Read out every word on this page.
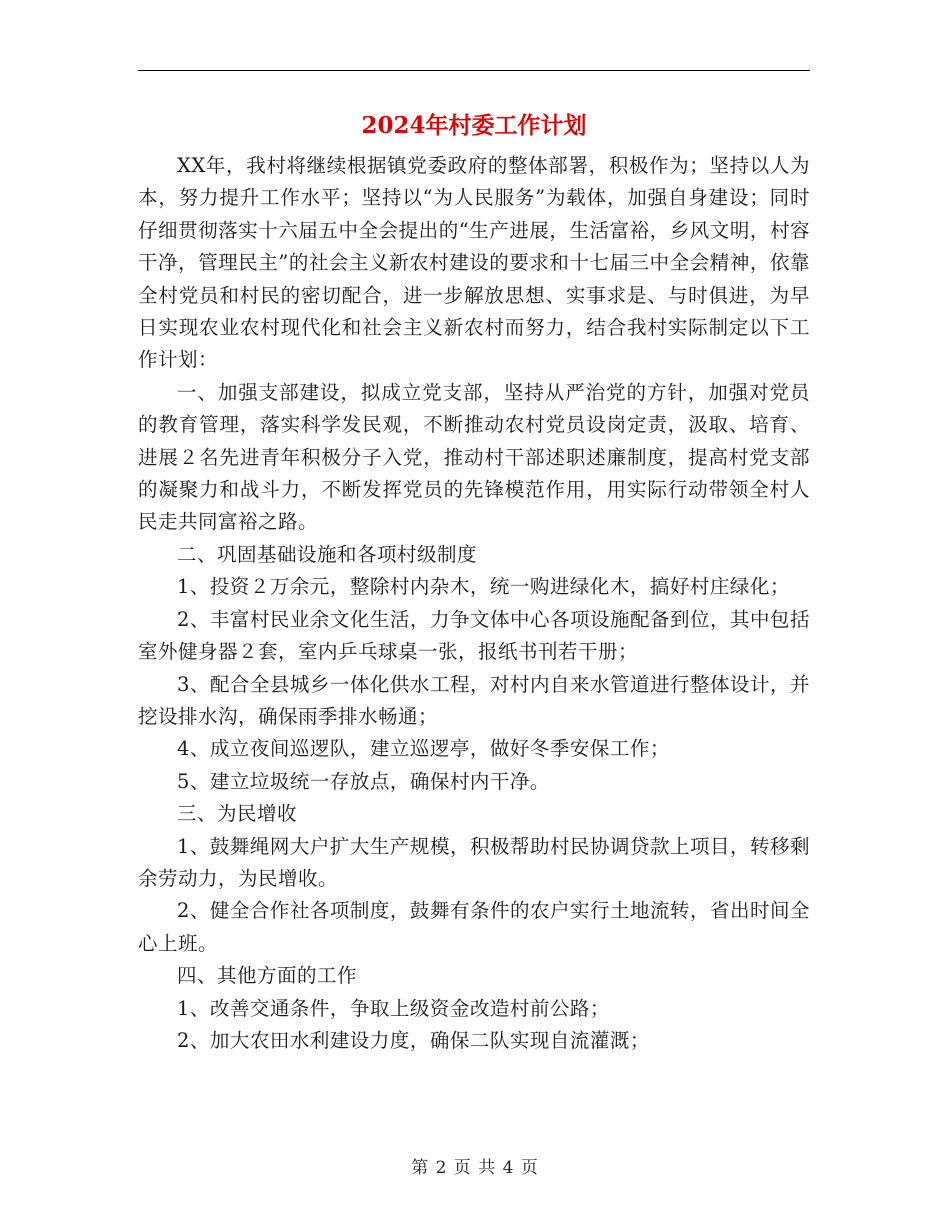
2024年村委工作计划

XX年，我村将继续根据镇党委政府的整体部署，积极作为；坚持以人为本，努力提升工作水平；坚持以“为人民服务”为载体，加强自身建设；同时仔细贯彻落实十六届五中全会提出的“生产进展，生活富裕，乡风文明，村容干净，管理民主”的社会主义新农村建设的要求和十七届三中全会精神，依靠全村党员和村民的密切配合，进一步解放思想、实事求是、与时俱进，为早日实现农业农村现代化和社会主义新农村而努力，结合我村实际制定以下工作计划：

一、加强支部建设，拟成立党支部，坚持从严治党的方针，加强对党员的教育管理，落实科学发民观，不断推动农村党员设岗定责，汲取、培育、进展２名先进青年积极分子入党，推动村干部述职述廉制度，提高村党支部的凝聚力和战斗力，不断发挥党员的先锋模范作用，用实际行动带领全村人民走共同富裕之路。

二、巩固基础设施和各项村级制度

1、投资２万余元，整除村内杂木，统一购进绿化木，搞好村庄绿化；

2、丰富村民业余文化生活，力争文体中心各项设施配备到位，其中包括室外健身器２套，室内乒乓球桌一张，报纸书刊若干册；

3、配合全县城乡一体化供水工程，对村内自来水管道进行整体设计，并挖设排水沟，确保雨季排水畅通；

4、成立夜间巡逻队，建立巡逻亭，做好冬季安保工作；

5、建立垃圾统一存放点，确保村内干净。

三、为民增收

1、鼓舞绳网大户扩大生产规模，积极帮助村民协调贷款上项目，转移剩余劳动力，为民增收。

2、健全合作社各项制度，鼓舞有条件的农户实行土地流转，省出时间全心上班。

四、其他方面的工作

1、改善交通条件，争取上级资金改造村前公路；

2、加大农田水利建设力度，确保二队实现自流灌溉；

第 2 页 共 4 页
